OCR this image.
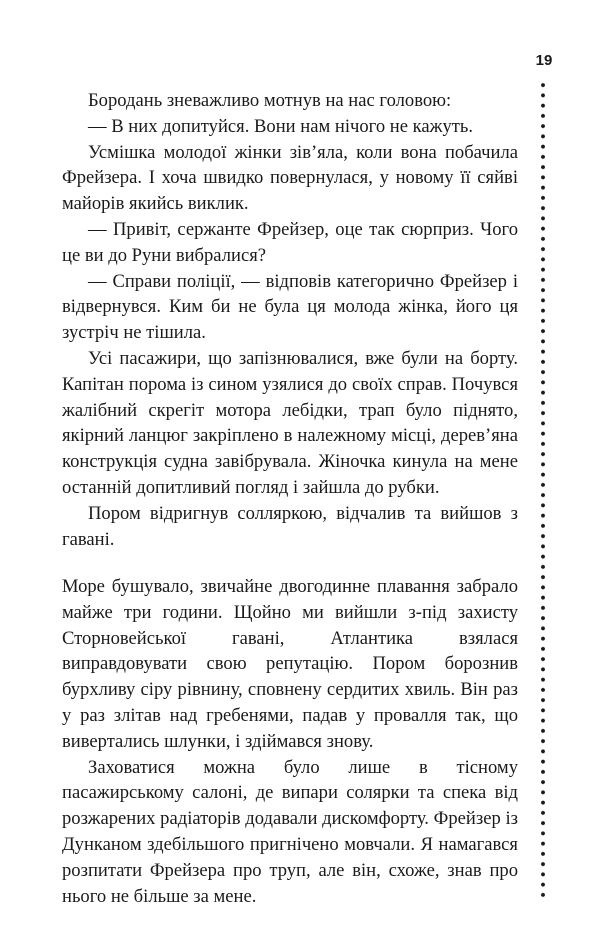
19

Бородань зневажливо мотнув на нас головою:

— В них допитуйся. Вони нам нічого не кажуть.

Усмішка молодої жінки зів’яла, коли вона побачила Фрейзера. І хоча швидко повернулася, у новому її сяйві майорів якийсь виклик.

— Привіт, сержанте Фрейзер, оце так сюрприз. Чого це ви до Руни вибралися?

— Справи поліції, — відповів категорично Фрейзер і відвернувся. Ким би не була ця молода жінка, його ця зустріч не тішила.

Усі пасажири, що запізнювалися, вже були на борту. Капітан порома із сином узялися до своїх справ. Почувся жалібний скрегіт мотора лебідки, трап було піднято, якірний ланцюг закріплено в належному місці, дерев’яна конструкція судна завібрувала. Жіночка кинула на мене останній допитливий погляд і зайшла до рубки.

Пором відригнув солляркою, відчалив та вийшов з гавані.

Море бушувало, звичайне двогодинне плавання забрало майже три години. Щойно ми вийшли з-під захисту Сторновейської гавані, Атлантика взялася виправдовувати свою репутацію. Пором борознив бурхливу сіру рівнину, сповнену сердитих хвиль. Він раз у раз злітав над гребенями, падав у провалля так, що вивертались шлунки, і здіймався знову.

Заховатися можна було лише в тісному пасажирському салоні, де випари солярки та спека від розжарених радіаторів додавали дискомфорту. Фрейзер із Дунканом здебільшого пригнічено мовчали. Я намагався розпитати Фрейзера про труп, але він, схоже, знав про нього не більше за мене.
